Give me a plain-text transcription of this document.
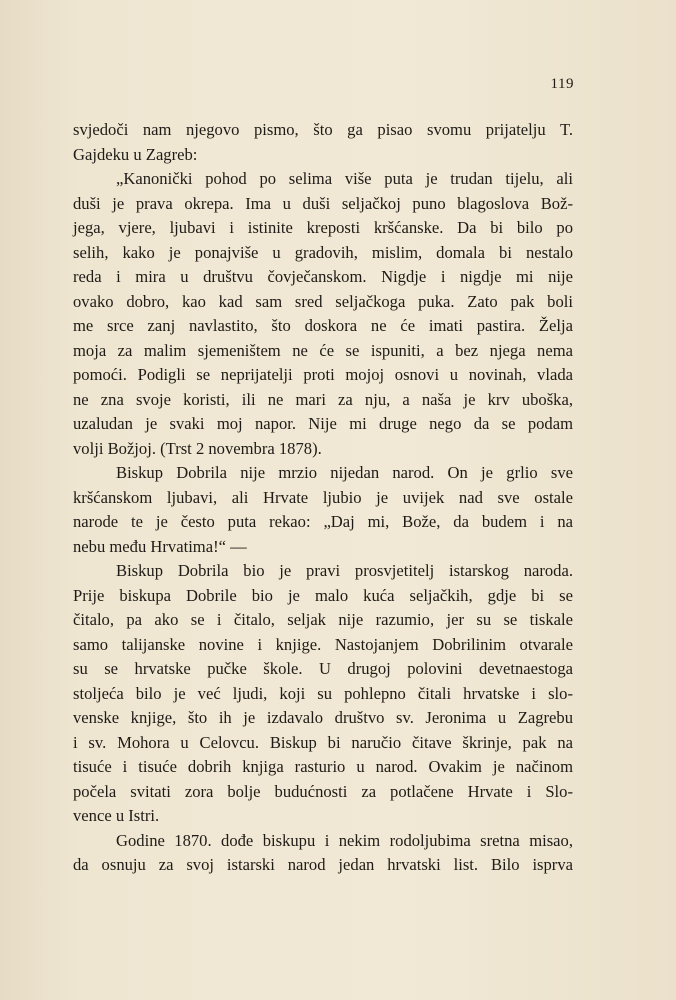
119
svjedoči nam njegovo pismo, što ga pisao svomu prijatelju T.
Gajdeku u Zagreb:
„Kanonički pohod po selima više puta je trudan tijelu, ali
duši je prava okrepa. Ima u duši seljačkoj puno blagoslova Bož-
jega, vjere, ljubavi i istinite kreposti kršćanske. Da bi bilo po
selih, kako je ponajviše u gradovih, mislim, domala bi nestalo
reda i mira u društvu čovječanskom. Nigdje i nigdje mi nije
ovako dobro, kao kad sam sred seljačkoga puka. Zato pak boli
me srce zanj navlastito, što doskora ne će imati pastira. Želja
moja za malim sjemeništem ne će se ispuniti, a bez njega nema
pomoći. Podigli se neprijatelji proti mojoj osnovi u novinah, vlada
ne zna svoje koristi, ili ne mari za nju, a naša je krv uboška,
uzaludan je svaki moj napor. Nije mi druge nego da se podam
volji Božjoj. (Trst 2 novembra 1878).
Biskup Dobrila nije mrzio nijedan narod. On je grlio sve
kršćanskom ljubavi, ali Hrvate ljubio je uvijek nad sve ostale
narode te je često puta rekao: „Daj mi, Bože, da budem i na
nebu među Hrvatima!“ —
Biskup Dobrila bio je pravi prosvjetitelj istarskog naroda.
Prije biskupa Dobrile bio je malo kuća seljačkih, gdje bi se
čitalo, pa ako se i čitalo, seljak nije razumio, jer su se tiskale
samo talijanske novine i knjige. Nastojanjem Dobrilinim otvarale
su se hrvatske pučke škole. U drugoj polovini devetnaestoga
stoljeća bilo je već ljudi, koji su pohlepno čitali hrvatske i slo-
venske knjige, što ih je izdavalo društvo sv. Jeronima u Zagrebu
i sv. Mohora u Celovcu. Biskup bi naručio čitave škrinje, pak na
tisuće i tisuće dobrih knjiga rasturio u narod. Ovakim je načinom
počela svitati zora bolje budućnosti za potlačene Hrvate i Slo-
vence u Istri.
Godine 1870. dođe biskupu i nekim rodoljubima sretna misao,
da osnuju za svoj istarski narod jedan hrvatski list. Bilo isprva
